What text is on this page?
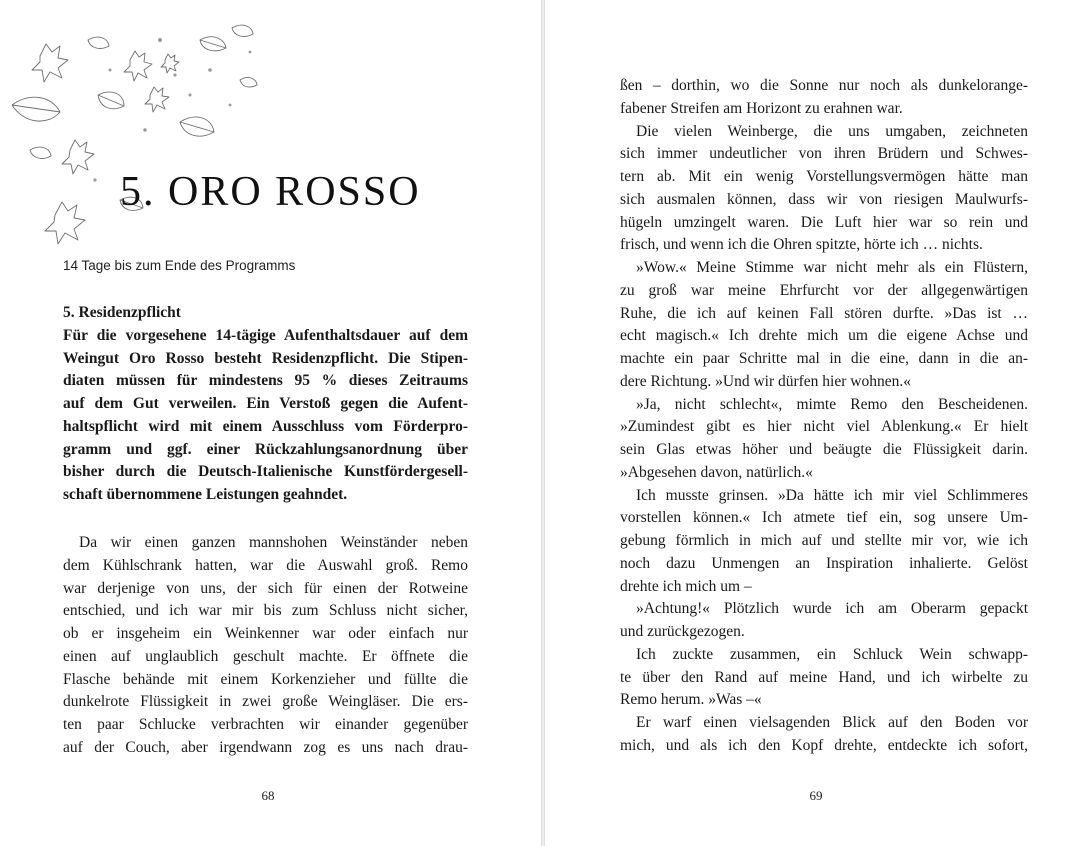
5. ORO ROSSO

14 Tage bis zum Ende des Programms

5. Residenzpflicht

Für die vorgesehene 14-tägige Aufenthaltsdauer auf dem
Weingut Oro Rosso besteht Residenzpflicht. Die Stipen-
diaten müssen für mindestens 95 % dieses Zeitraums
auf dem Gut verweilen. Ein Verstoß gegen die Aufent-
haltspflicht wird mit einem Ausschluss vom Förderpro-
gramm und ggf. einer Rückzahlungsanordnung über
bisher durch die Deutsch-Italienische Kunstfördergesell-
schaft übernommene Leistungen geahndet.
Da wir einen ganzen mannshohen Weinständer neben
dem Kühlschrank hatten, war die Auswahl groß. Remo
war derjenige von uns, der sich für einen der Rotweine
entschied, und ich war mir bis zum Schluss nicht sicher,
ob er insgeheim ein Weinkenner war oder einfach nur
einen auf unglaublich geschult machte. Er öffnete die
Flasche behände mit einem Korkenzieher und füllte die
dunkelrote Flüssigkeit in zwei große Weingläser. Die ers-
ten paar Schlucke verbrachten wir einander gegenüber
auf der Couch, aber irgendwann zog es uns nach drau-

68	69

ßen – dorthin, wo die Sonne nur noch als dunkelorange-
fabener Streifen am Horizont zu erahnen war.
Die vielen Weinberge, die uns umgaben, zeichneten
sich immer undeutlicher von ihren Brüdern und Schwes-
tern ab. Mit ein wenig Vorstellungsvermögen hätte man
sich ausmalen können, dass wir von riesigen Maulwurfs-
hügeln umzingelt waren. Die Luft hier war so rein und
frisch, und wenn ich die Ohren spitzte, hörte ich … nichts.
»Wow.« Meine Stimme war nicht mehr als ein Flüstern,
zu groß war meine Ehrfurcht vor der allgegenwärtigen
Ruhe, die ich auf keinen Fall stören durfte. »Das ist …
echt magisch.« Ich drehte mich um die eigene Achse und
machte ein paar Schritte mal in die eine, dann in die an-
dere Richtung. »Und wir dürfen hier wohnen.«
»Ja, nicht schlecht«, mimte Remo den Bescheidenen.
»Zumindest gibt es hier nicht viel Ablenkung.« Er hielt
sein Glas etwas höher und beäugte die Flüssigkeit darin.
»Abgesehen davon, natürlich.«
Ich musste grinsen. »Da hätte ich mir viel Schlimmeres
vorstellen können.« Ich atmete tief ein, sog unsere Um-
gebung förmlich in mich auf und stellte mir vor, wie ich
noch dazu Unmengen an Inspiration inhalierte. Gelöst
drehte ich mich um –
»Achtung!« Plötzlich wurde ich am Oberarm gepackt
und zurückgezogen.
Ich zuckte zusammen, ein Schluck Wein schwapp-
te über den Rand auf meine Hand, und ich wirbelte zu
Remo herum. »Was –«
Er warf einen vielsagenden Blick auf den Boden vor
mich, und als ich den Kopf drehte, entdeckte ich sofort,
